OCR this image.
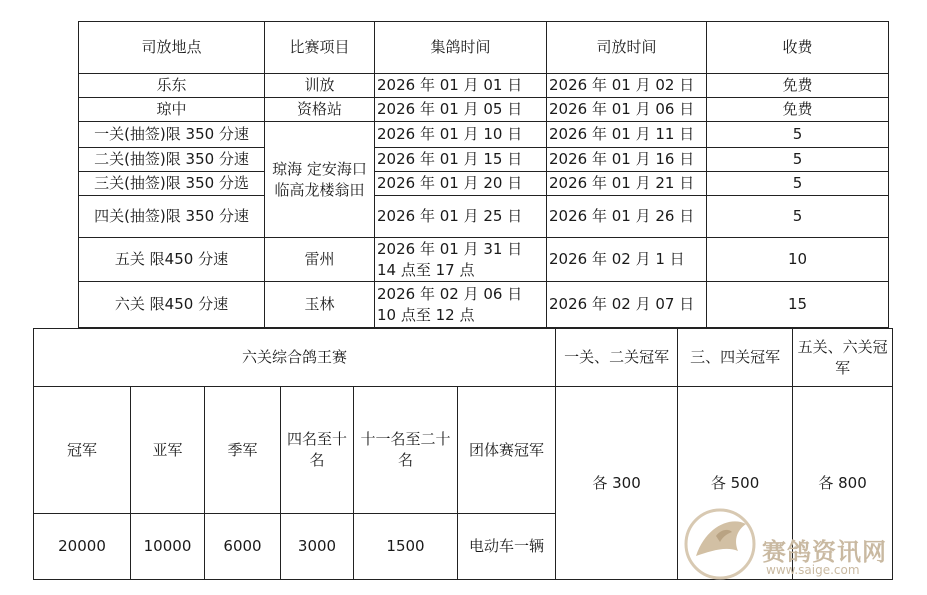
司放地点	比赛项目	集鸽时间	司放时间	收费
乐东	训放	2026 年 01 月 01 日	2026 年 01 月 02 日	免费
琼中	资格站	2026 年 01 月 05 日	2026 年 01 月 06 日	免费
一关(抽签)限 350 分速	琼海 定安海口临高龙楼翁田	2026 年 01 月 10 日	2026 年 01 月 11 日	5
二关(抽签)限 350 分速		2026 年 01 月 15 日	2026 年 01 月 16 日	5
三关(抽签)限 350 分选		2026 年 01 月 20 日	2026 年 01 月 21 日	5
四关(抽签)限 350 分速		2026 年 01 月 25 日	2026 年 01 月 26 日	5
五关 限450 分速	雷州	2026 年 01 月 31 日 14 点至 17 点	2026 年 02 月 1 日	10
六关 限450 分速	玉林	2026 年 02 月 06 日 10 点至 12 点	2026 年 02 月 07 日	15
六关综合鸽王赛						一关、二关冠军	三、四关冠军	五关、六关冠军
冠军	亚军	季军	四名至十名	十一名至二十名	团体赛冠军	各 300	各 500	各 800
20000	10000	6000	3000	1500	电动车一辆				赛鸽资讯网
www.saige.com
